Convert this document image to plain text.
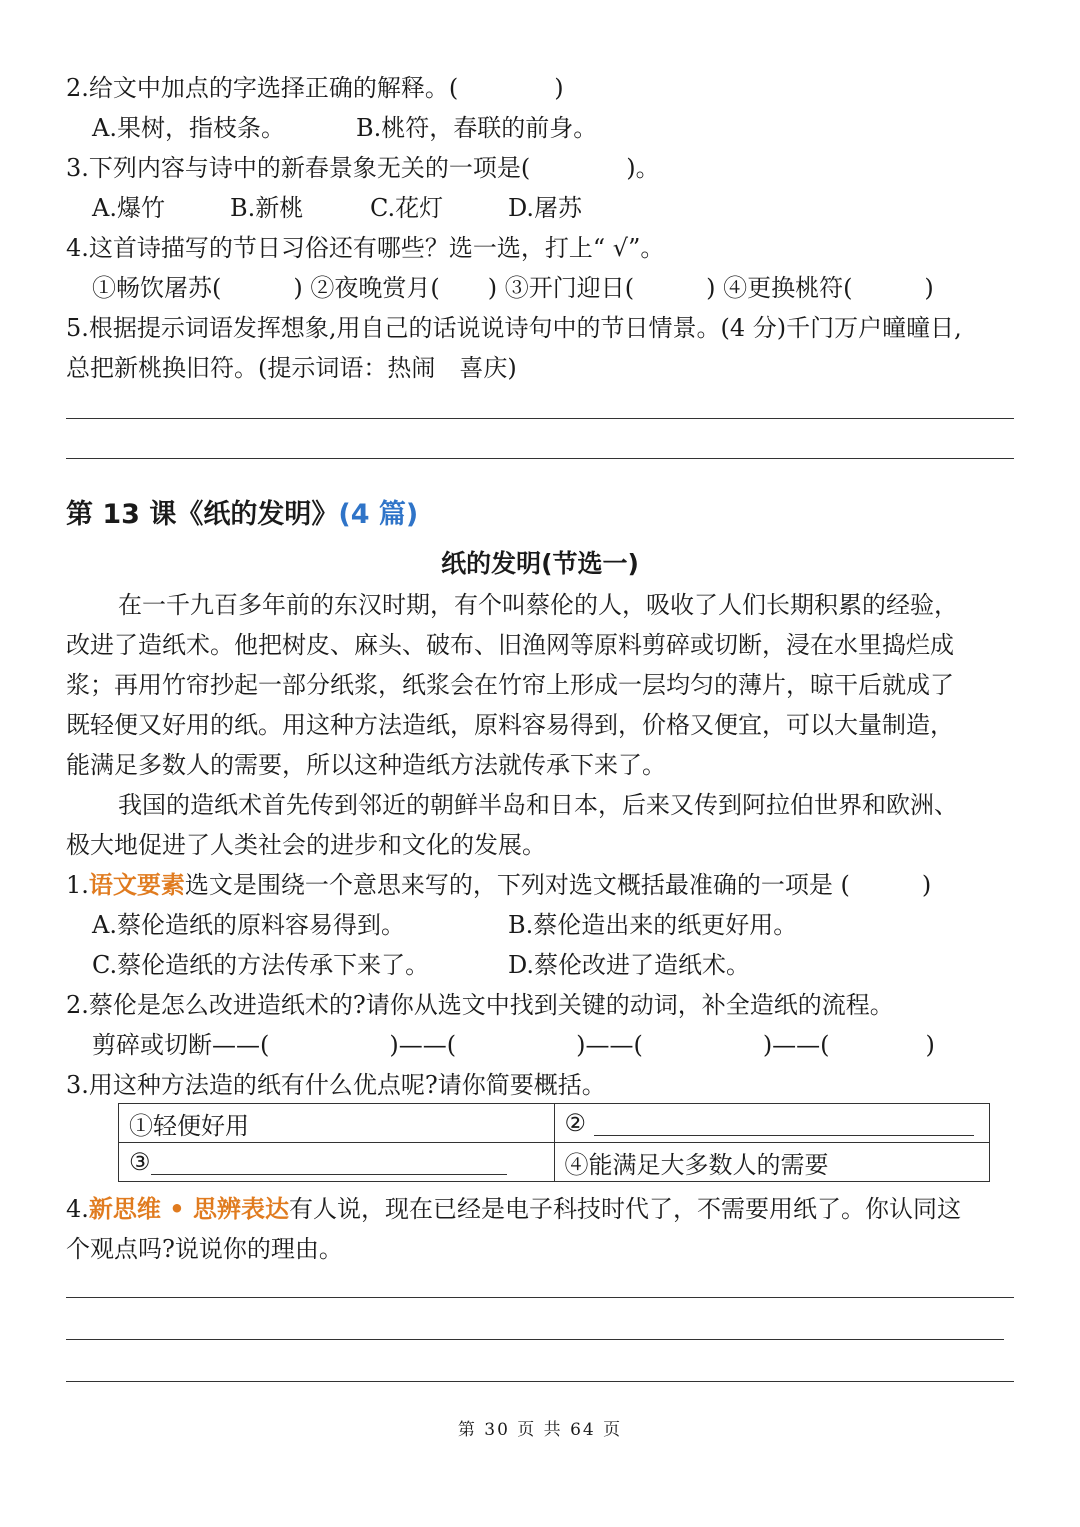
2.给文中加点的字选择正确的解释。(　　　　)
A.果树，指枝条。	B.桃符，春联的前身。
3.下列内容与诗中的新春景象无关的一项是(　　　　)。
A.爆竹	B.新桃	C.花灯	D.屠苏
4.这首诗描写的节日习俗还有哪些？选一选，打上“ √”。
①畅饮屠苏(　　　) ②夜晚赏月(　　) ③开门迎日(　　　) ④更换桃符(　　　)
5.根据提示词语发挥想象,用自己的话说说诗句中的节日情景。(4 分)千门万户曈曈日,
总把新桃换旧符。(提示词语：热闹　喜庆)
第 13 课《纸的发明》(4 篇)
纸的发明(节选一)
在一千九百多年前的东汉时期，有个叫蔡伦的人，吸收了人们长期积累的经验，
改进了造纸术。他把树皮、麻头、破布、旧渔网等原料剪碎或切断，浸在水里捣烂成
浆；再用竹帘抄起一部分纸浆，纸浆会在竹帘上形成一层均匀的薄片，晾干后就成了
既轻便又好用的纸。用这种方法造纸，原料容易得到，价格又便宜，可以大量制造，
能满足多数人的需要，所以这种造纸方法就传承下来了。
我国的造纸术首先传到邻近的朝鲜半岛和日本，后来又传到阿拉伯世界和欧洲、
极大地促进了人类社会的进步和文化的发展。
1.语文要素选文是围绕一个意思来写的，下列对选文概括最准确的一项是 (　　　)
A.蔡伦造纸的原料容易得到。	B.蔡伦造出来的纸更好用。
C.蔡伦造纸的方法传承下来了。	D.蔡伦改进了造纸术。
2.蔡伦是怎么改进造纸术的?请你从选文中找到关键的动词，补全造纸的流程。
剪碎或切断——(　　　　　)——(　　　　　)——(　　　　　)——(　　　　)
3.用这种方法造的纸有什么优点呢?请你简要概括。
①轻便好用	②
③	④能满足大多数人的需要
4.新思维 • 思辨表达有人说，现在已经是电子科技时代了，不需要用纸了。你认同这
个观点吗?说说你的理由。
第 30 页 共 64 页
